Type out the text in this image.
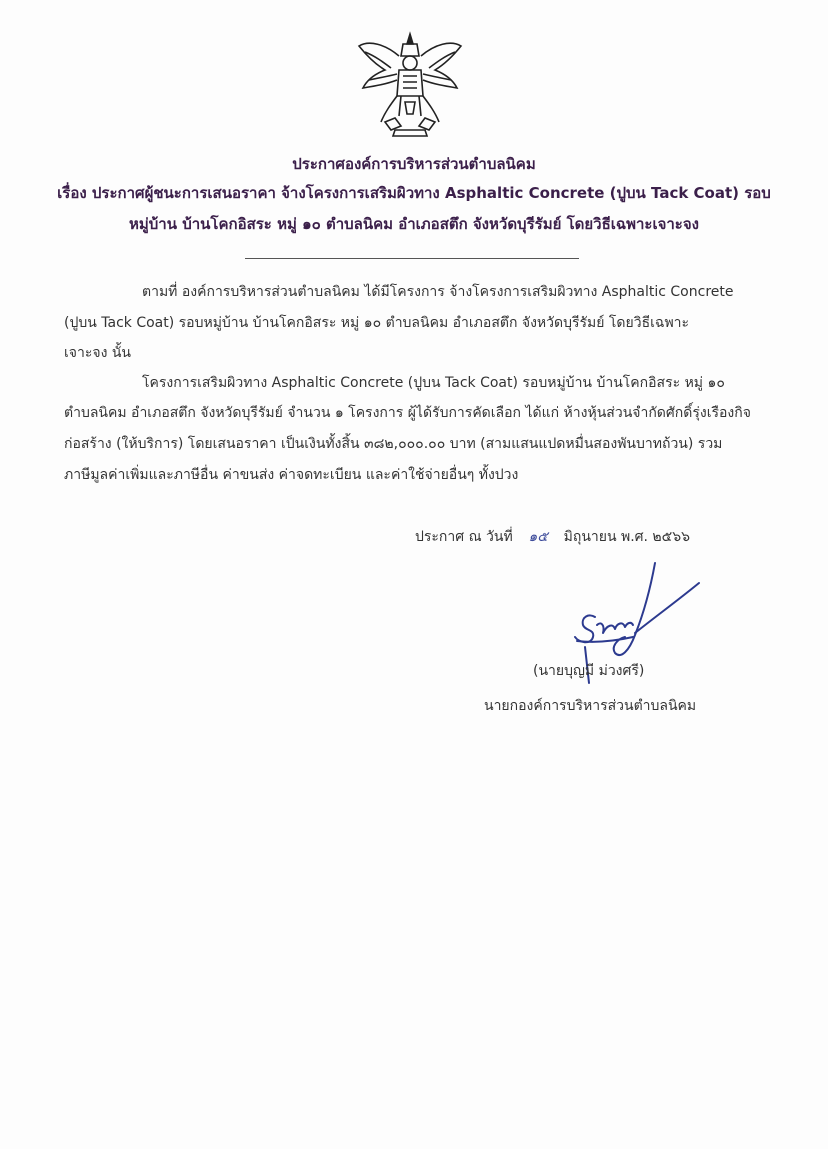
ประกาศองค์การบริหารส่วนตำบลนิคม
เรื่อง ประกาศผู้ชนะการเสนอราคา จ้างโครงการเสริมผิวทาง Asphaltic Concrete (ปูบน Tack Coat) รอบ
หมู่บ้าน บ้านโคกอิสระ หมู่ ๑๐ ตำบลนิคม อำเภอสตึก จังหวัดบุรีรัมย์ โดยวิธีเฉพาะเจาะจง
ตามที่ องค์การบริหารส่วนตำบลนิคม ได้มีโครงการ จ้างโครงการเสริมผิวทาง Asphaltic Concrete
(ปูบน Tack Coat) รอบหมู่บ้าน บ้านโคกอิสระ หมู่ ๑๐ ตำบลนิคม อำเภอสตึก จังหวัดบุรีรัมย์ โดยวิธีเฉพาะ
เจาะจง นั้น
โครงการเสริมผิวทาง Asphaltic Concrete (ปูบน Tack Coat) รอบหมู่บ้าน บ้านโคกอิสระ หมู่ ๑๐
ตำบลนิคม อำเภอสตึก จังหวัดบุรีรัมย์ จำนวน ๑ โครงการ ผู้ได้รับการคัดเลือก ได้แก่ ห้างหุ้นส่วนจำกัดศักดิ์รุ่งเรืองกิจ
ก่อสร้าง (ให้บริการ) โดยเสนอราคา เป็นเงินทั้งสิ้น ๓๘๒,๐๐๐.๐๐ บาท (สามแสนแปดหมื่นสองพันบาทถ้วน) รวม
ภาษีมูลค่าเพิ่มและภาษีอื่น ค่าขนส่ง ค่าจดทะเบียน และค่าใช้จ่ายอื่นๆ ทั้งปวง
ประกาศ ณ วันที่ ๑๕ มิถุนายน พ.ศ. ๒๕๖๖
(นายบุญมี ม่วงศรี)
นายกองค์การบริหารส่วนตำบลนิคม
